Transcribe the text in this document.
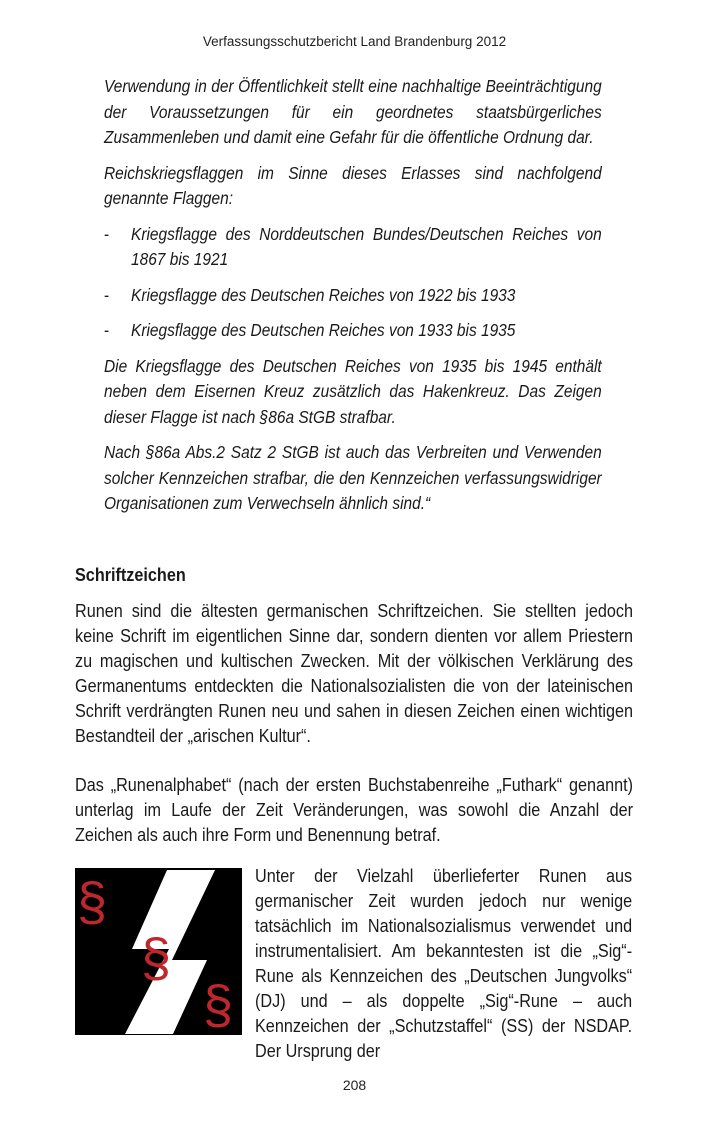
Verfassungsschutzbericht Land Brandenburg 2012

Verwendung in der Öffentlichkeit stellt eine nachhaltige Beeinträchtigung der Voraussetzungen für ein geordnetes staatsbürgerliches Zusammenleben und damit eine Gefahr für die öffentliche Ordnung dar.

Reichskriegsflaggen im Sinne dieses Erlasses sind nachfolgend genannte Flaggen:

-	Kriegsflagge des Norddeutschen Bundes/Deutschen Reiches von 1867 bis 1921
-	Kriegsflagge des Deutschen Reiches von 1922 bis 1933
-	Kriegsflagge des Deutschen Reiches von 1933 bis 1935

Die Kriegsflagge des Deutschen Reiches von 1935 bis 1945 enthält neben dem Eisernen Kreuz zusätzlich das Hakenkreuz. Das Zeigen dieser Flagge ist nach §86a StGB strafbar.

Nach §86a Abs.2 Satz 2 StGB ist auch das Verbreiten und Verwenden solcher Kennzeichen strafbar, die den Kennzeichen verfassungswidriger Organisationen zum Verwechseln ähnlich sind.“

Schriftzeichen

Runen sind die ältesten germanischen Schriftzeichen. Sie stellten jedoch keine Schrift im eigentlichen Sinne dar, sondern dienten vor allem Priestern zu magischen und kultischen Zwecken. Mit der völkischen Verklärung des Germanentums entdeckten die Nationalsozialisten die von der lateinischen Schrift verdrängten Runen neu und sahen in diesen Zeichen einen wichtigen Bestandteil der „arischen Kultur“.

Das „Runenalphabet“ (nach der ersten Buchstabenreihe „Futhark“ genannt) unterlag im Laufe der Zeit Veränderungen, was sowohl die Anzahl der Zeichen als auch ihre Form und Benennung betraf.

§
§
§
Unter der Vielzahl überlieferter Runen aus germanischer Zeit wurden jedoch nur wenige tatsächlich im Nationalsozialismus verwendet und instrumentalisiert. Am bekanntesten ist die „Sig“-Rune als Kennzeichen des „Deutschen Jungvolks“ (DJ) und – als doppelte „Sig“-Rune – auch Kennzeichen der „Schutzstaffel“ (SS) der NSDAP. Der Ursprung der
208
